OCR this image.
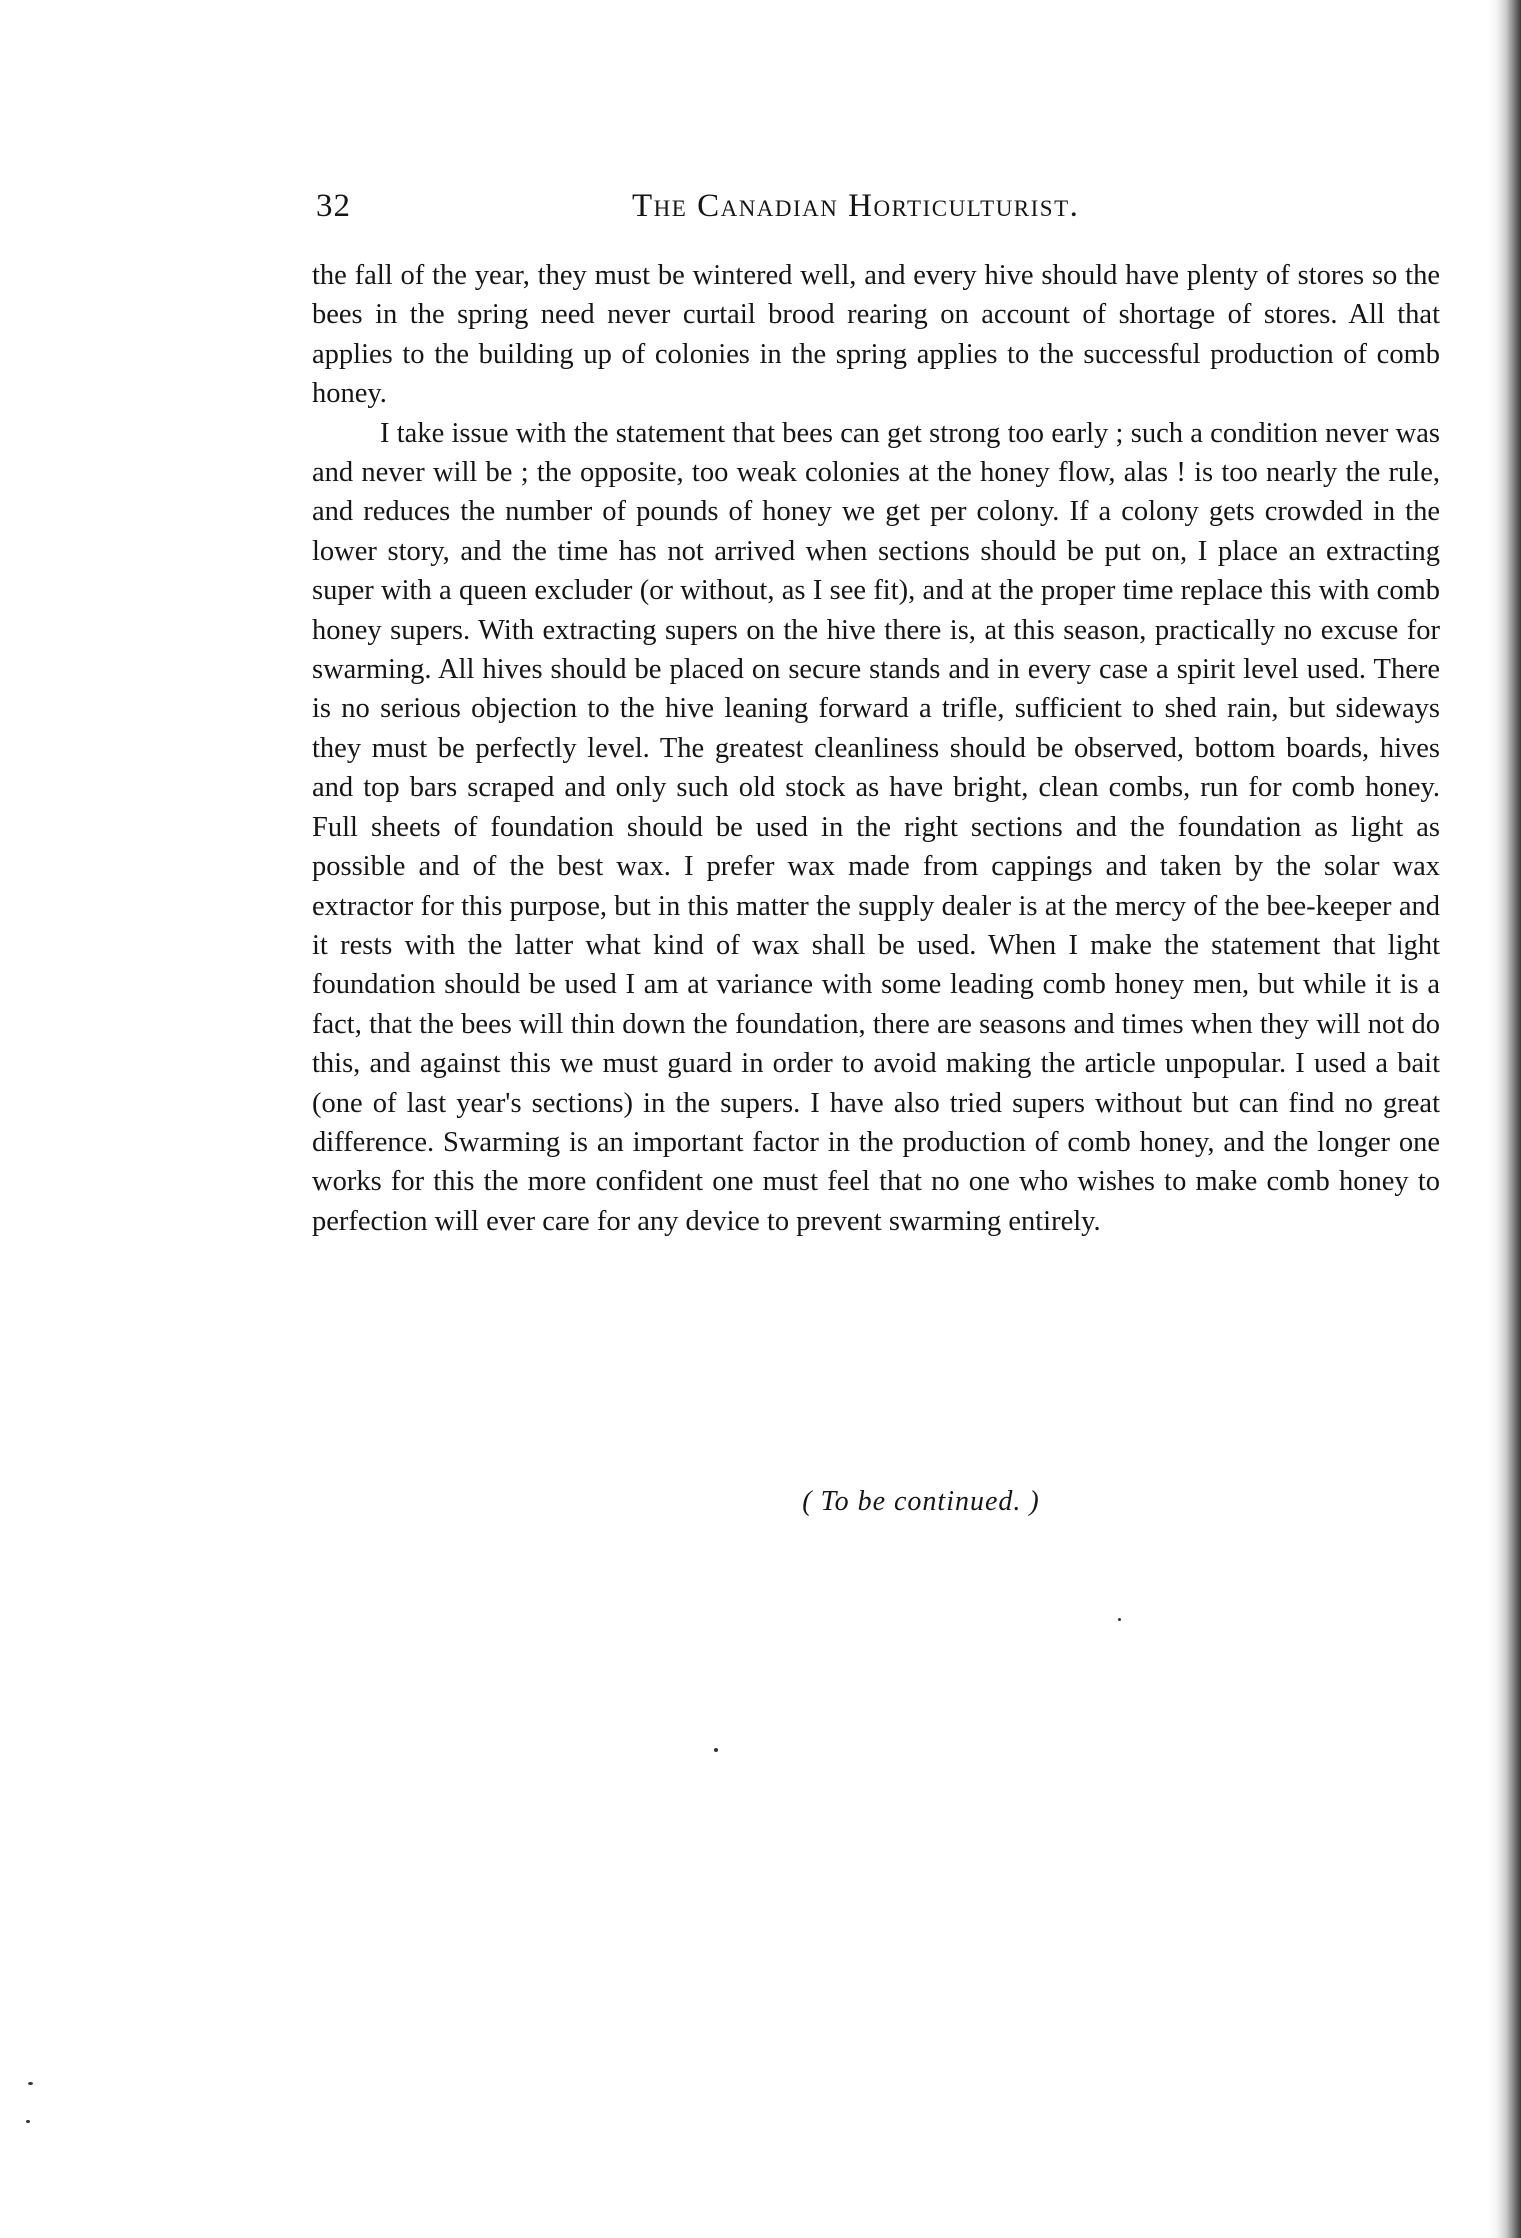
32	The Canadian Horticulturist.

the fall of the year, they must be wintered well, and every hive should have plenty of stores so the bees in the spring need never curtail brood rearing on account of shortage of stores. All that applies to the building up of colonies in the spring applies to the successful production of comb honey.

I take issue with the statement that bees can get strong too early ; such a condition never was and never will be ; the opposite, too weak colonies at the honey flow, alas ! is too nearly the rule, and reduces the number of pounds of honey we get per colony. If a colony gets crowded in the lower story, and the time has not arrived when sections should be put on, I place an extracting super with a queen excluder (or without, as I see fit), and at the proper time replace this with comb honey supers. With extracting supers on the hive there is, at this season, practically no excuse for swarming. All hives should be placed on secure stands and in every case a spirit level used. There is no serious objection to the hive leaning forward a trifle, sufficient to shed rain, but sideways they must be perfectly level. The greatest cleanliness should be observed, bottom boards, hives and top bars scraped and only such old stock as have bright, clean combs, run for comb honey. Full sheets of foundation should be used in the right sections and the foundation as light as possible and of the best wax. I prefer wax made from cappings and taken by the solar wax extractor for this purpose, but in this matter the supply dealer is at the mercy of the bee-keeper and it rests with the latter what kind of wax shall be used. When I make the statement that light foundation should be used I am at variance with some leading comb honey men, but while it is a fact, that the bees will thin down the foundation, there are seasons and times when they will not do this, and against this we must guard in order to avoid making the article unpopular. I used a bait (one of last year's sections) in the supers. I have also tried supers without but can find no great difference. Swarming is an important factor in the production of comb honey, and the longer one works for this the more confident one must feel that no one who wishes to make comb honey to perfection will ever care for any device to prevent swarming entirely.

( To be continued. )
